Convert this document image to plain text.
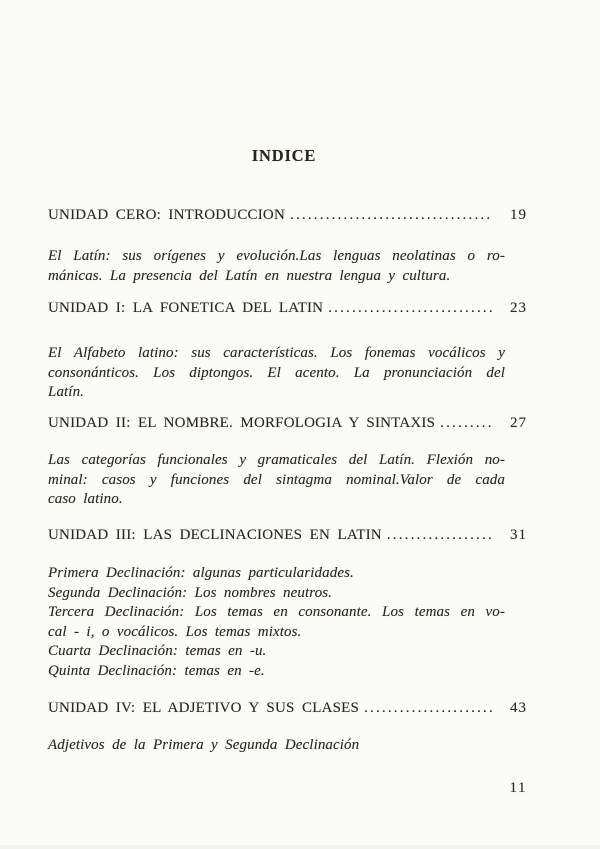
INDICE
UNIDAD CERO: INTRODUCCION .....	19
El Latín: sus orígenes y evolución.Las lenguas neolatinas o ro-
mánicas. La presencia del Latín en nuestra lengua y cultura.
UNIDAD I: LA FONETICA DEL LATIN .....	23
El Alfabeto latino: sus características. Los fonemas vocálicos y
consonánticos. Los diptongos. El acento. La pronunciación del
Latín.
UNIDAD II: EL NOMBRE. MORFOLOGIA Y SINTAXIS .....	27
Las categorías funcionales y gramaticales del Latín. Flexión no-
minal: casos y funciones del sintagma nominal.Valor de cada
caso latino.
UNIDAD III: LAS DECLINACIONES EN LATIN .....	31
Primera Declinación: algunas particularidades.
Segunda Declinación: Los nombres neutros.
Tercera Declinación: Los temas en consonante. Los temas en vo-
cal - i, o vocálicos. Los temas mixtos.
Cuarta Declinación: temas en -u.
Quinta Declinación: temas en -e.
UNIDAD IV: EL ADJETIVO Y SUS CLASES .....	43
Adjetivos de la Primera y Segunda Declinación
11
